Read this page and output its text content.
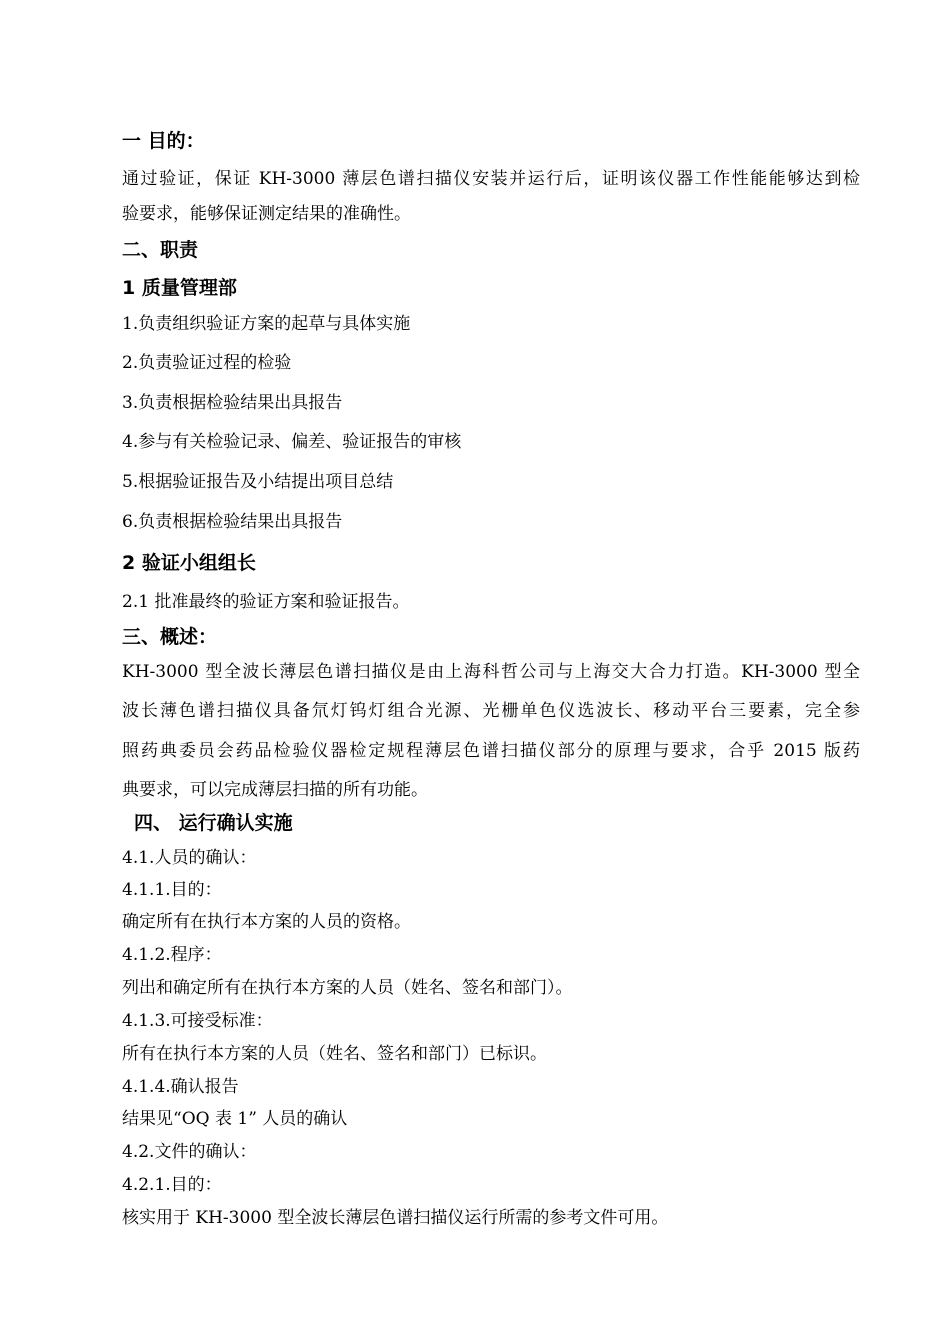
一 目的：
通过验证，保证 KH-3000 薄层色谱扫描仪安装并运行后，证明该仪器工作性能能够达到检
验要求，能够保证测定结果的准确性。
二、职责
1 质量管理部
1.负责组织验证方案的起草与具体实施
2.负责验证过程的检验
3.负责根据检验结果出具报告
4.参与有关检验记录、偏差、验证报告的审核
5.根据验证报告及小结提出项目总结
6.负责根据检验结果出具报告
2 验证小组组长
2.1 批准最终的验证方案和验证报告。
三、概述：
KH-3000 型全波长薄层色谱扫描仪是由上海科哲公司与上海交大合力打造。KH-3000 型全
波长薄色谱扫描仪具备氘灯钨灯组合光源、光栅单色仪选波长、移动平台三要素，完全参
照药典委员会药品检验仪器检定规程薄层色谱扫描仪部分的原理与要求，合乎 2015 版药
典要求，可以完成薄层扫描的所有功能。
四、 运行确认实施
4.1.人员的确认：
4.1.1.目的：
确定所有在执行本方案的人员的资格。
4.1.2.程序：
列出和确定所有在执行本方案的人员（姓名、签名和部门）。
4.1.3.可接受标准：
所有在执行本方案的人员（姓名、签名和部门）已标识。
4.1.4.确认报告
结果见“OQ 表 1” 人员的确认
4.2.文件的确认：
4.2.1.目的：
核实用于 KH-3000 型全波长薄层色谱扫描仪运行所需的参考文件可用。
